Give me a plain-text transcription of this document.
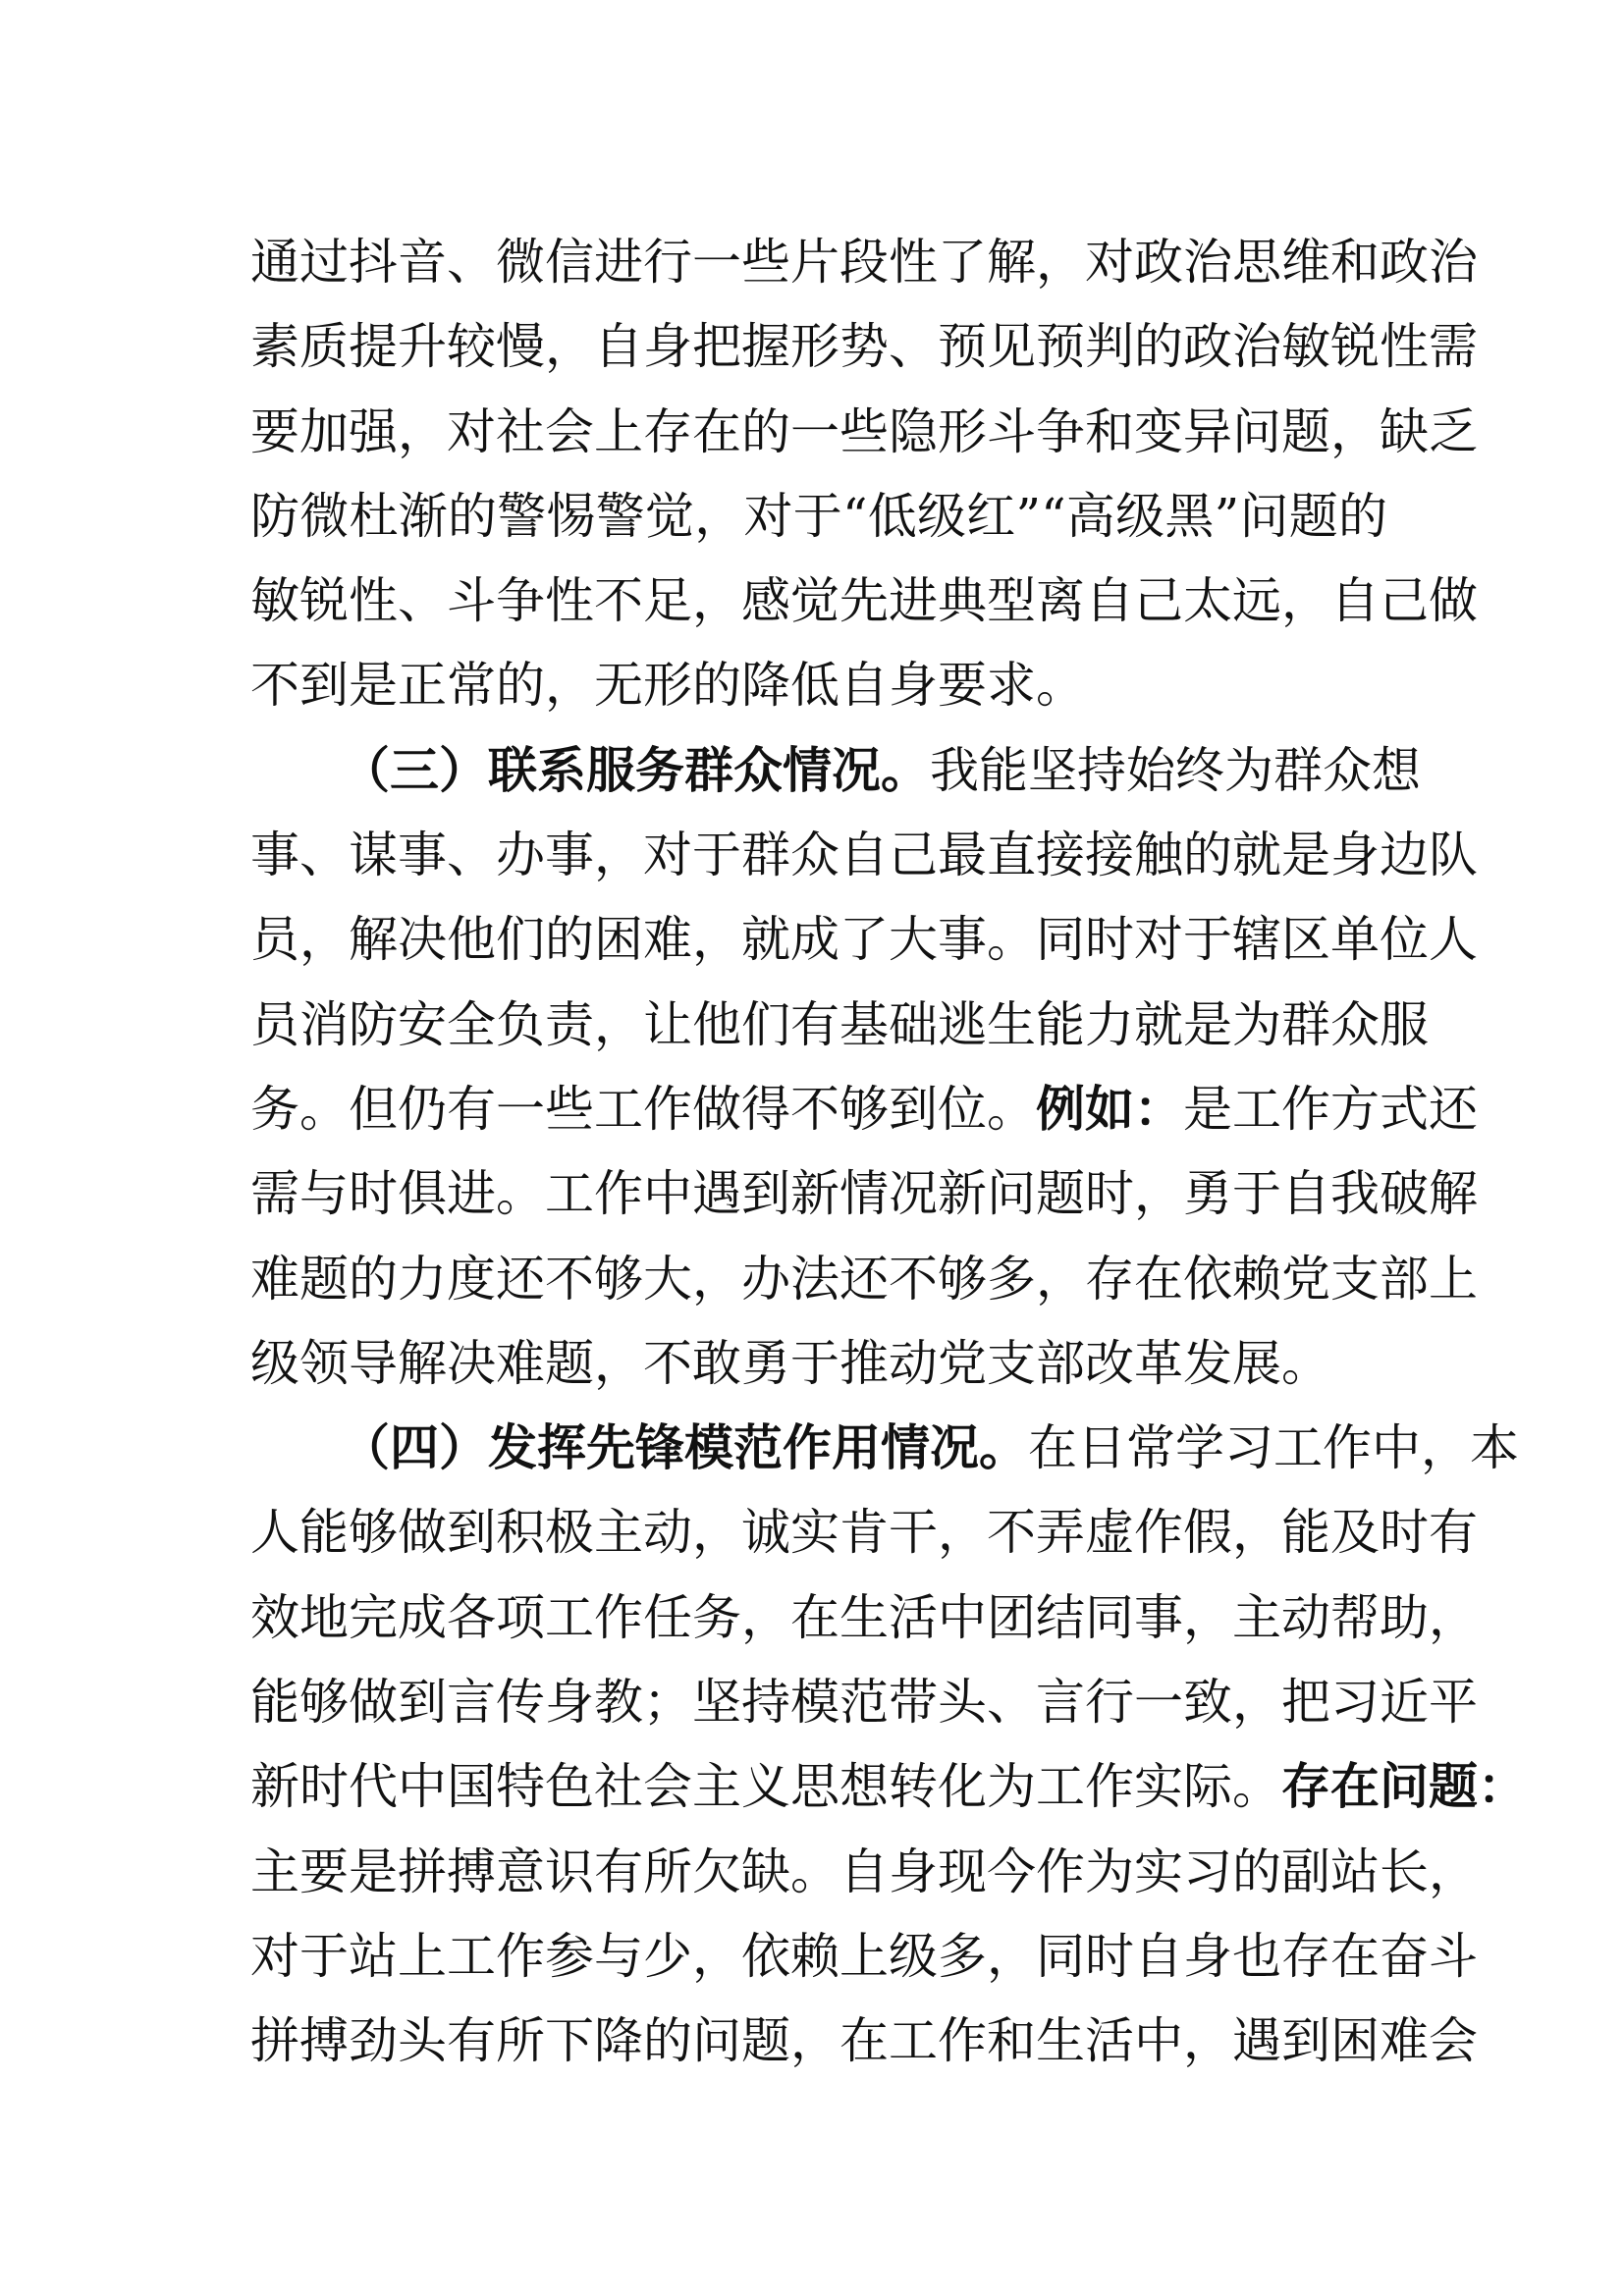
通过抖音、微信进行一些片段性了解，对政治思维和政治
素质提升较慢，自身把握形势、预见预判的政治敏锐性需
要加强，对社会上存在的一些隐形斗争和变异问题，缺乏
防微杜渐的警惕警觉，对于“低级红”“高级黑”问题的
敏锐性、斗争性不足，感觉先进典型离自己太远，自己做
不到是正常的，无形的降低自身要求。
（三）联系服务群众情况。我能坚持始终为群众想
事、谋事、办事，对于群众自己最直接接触的就是身边队
员，解决他们的困难，就成了大事。同时对于辖区单位人
员消防安全负责，让他们有基础逃生能力就是为群众服
务。但仍有一些工作做得不够到位。例如：是工作方式还
需与时俱进。工作中遇到新情况新问题时，勇于自我破解
难题的力度还不够大，办法还不够多，存在依赖党支部上
级领导解决难题，不敢勇于推动党支部改革发展。
（四）发挥先锋模范作用情况。在日常学习工作中，本
人能够做到积极主动，诚实肯干，不弄虚作假，能及时有
效地完成各项工作任务，在生活中团结同事，主动帮助，
能够做到言传身教；坚持模范带头、言行一致，把习近平
新时代中国特色社会主义思想转化为工作实际。存在问题：
主要是拼搏意识有所欠缺。自身现今作为实习的副站长，
对于站上工作参与少，依赖上级多，同时自身也存在奋斗
拼搏劲头有所下降的问题，在工作和生活中，遇到困难会
